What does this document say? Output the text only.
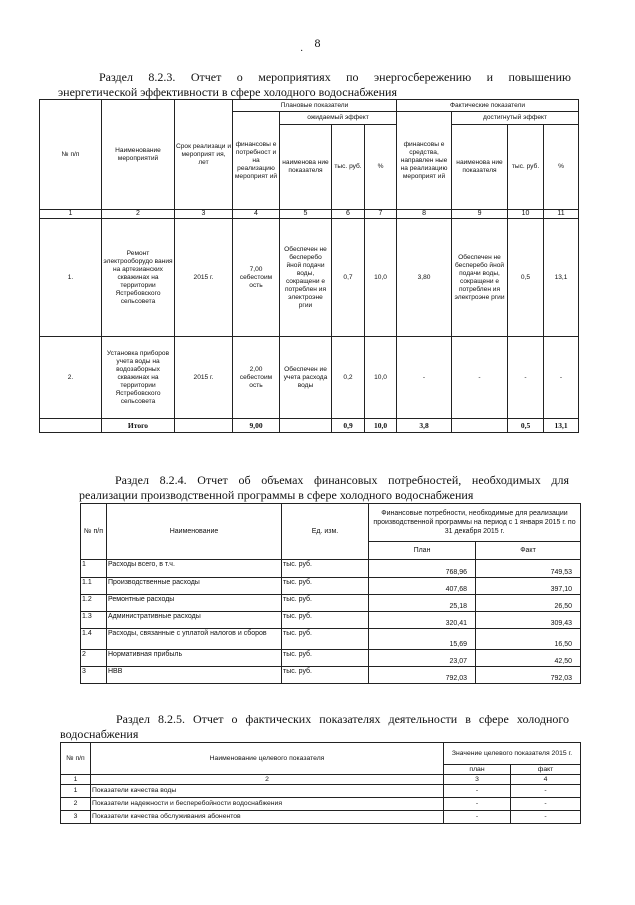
8
·
Раздел 8.2.3. Отчет о мероприятиях по энергосбережению и повышению
энергетической эффективности в сфере холодного водоснабжения
№ п/п	Наименование мероприятий	Срок реализаци и мероприят ия, лет	Плановые показатели				Фактические показатели			
			финансовы е потребност и на реализацию мероприят ий	ожидаемый эффект			финансовы е средства, направлен ные на реализацию мероприят ий	достигнутый эффект		
				наименова ние показателя	тыс. руб.	%		наименова ние показателя	тыс. руб.	%
1	2	3	4	5	6	7	8	9	10	11
1.	Ремонт электрооборудо вания на артезианских скважинах на территории Ястребовского сельсовета	2015 г.	7,00 себестоим ость	Обеспечен не бесперебо йной подачи воды, сокращени е потреблен ия электроэне ргии	0,7	10,0	3,80	Обеспечен не бесперебо йной подачи воды, сокращени е потреблен ия электроэне ргии	0,5	13,1
2.	Установка приборов учета воды на водозаборных скважинах на территории Ястребовского сельсовета	2015 г.	2,00 себестоим ость	Обеспечен ие учета расхода воды	0,2	10,0	-	-	-	-
	Итого		9,00		0,9	10,0	3,8		0,5	13,1
Раздел 8.2.4. Отчет об объемах финансовых потребностей, необходимых для
реализации производственной программы в сфере холодного водоснабжения
№ п/п	Наименование	Ед. изм.	Финансовые потребности, необходимые для реализации производственной программы на период с 1 января 2015 г. по 31 декабря 2015 г.	
			План	Факт
1	Расходы всего, в т.ч.	тыс. руб.	768,96	749,53
1.1	Производственные расходы	тыс. руб.	407,68	397,10
1.2	Ремонтные расходы	тыс. руб.	25,18	26,50
1.3	Административные расходы	тыс. руб.	320,41	309,43
1.4	Расходы, связанные с уплатой налогов и сборов	тыс. руб.	15,69	16,50
2	Нормативная прибыль	тыс. руб.	23,07	42,50
3	НВВ	тыс. руб.	792,03	792,03
Раздел 8.2.5. Отчет о фактических показателях деятельности в сфере холодного
водоснабжения
№ п/п	Наименование целевого показателя	Значение целевого показателя 2015 г.	
		план	факт
1	2	3	4
1	Показатели качества воды	-	-
2	Показатели надежности и бесперебойности водоснабжения	-	-
3	Показатели качества обслуживания абонентов	-	-
